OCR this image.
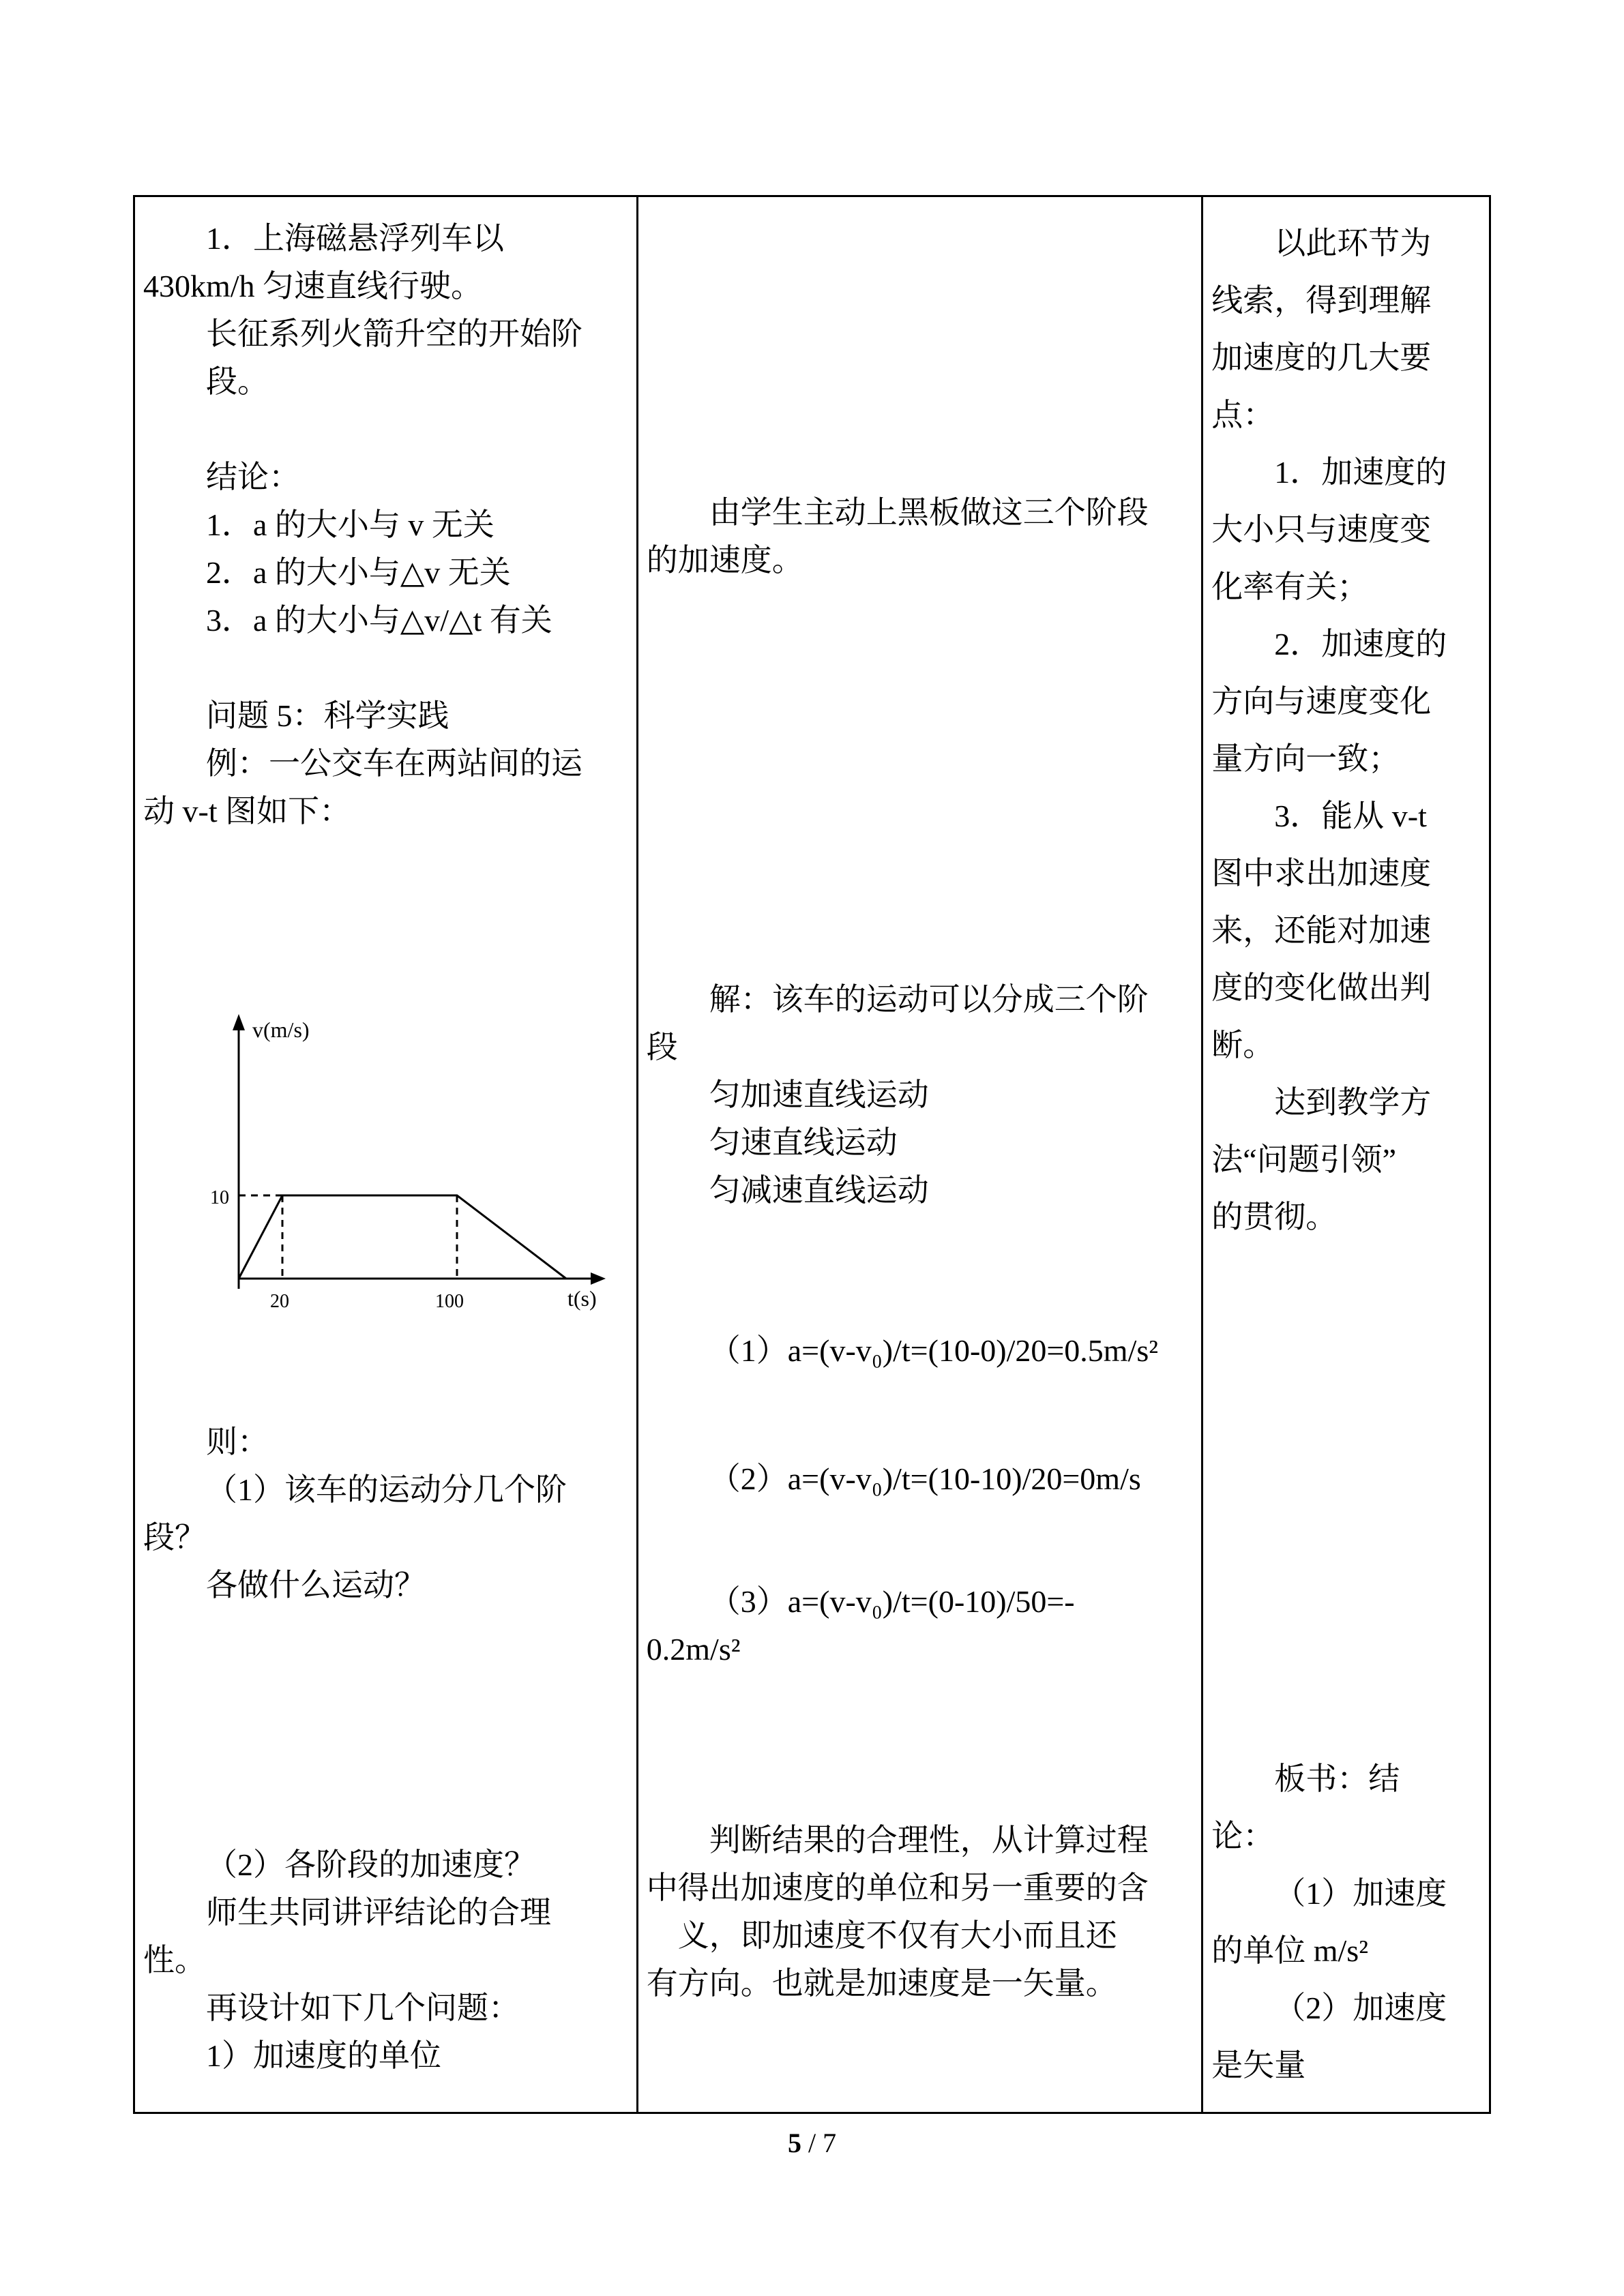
1．上海磁悬浮列车以
430km/h 匀速直线行驶。
长征系列火箭升空的开始阶
段。
结论：
1．a 的大小与 v 无关
2．a 的大小与△v 无关
3．a 的大小与△v/△t 有关
问题 5：科学实践
例：一公交车在两站间的运
动 v-t 图如下：
v(m/s)
t(s)
10
20	100
则：
（1）该车的运动分几个阶
段？
各做什么运动？
（2）各阶段的加速度？
师生共同讲评结论的合理
性。
再设计如下几个问题：
1）加速度的单位
由学生主动上黑板做这三个阶段
的加速度。
解：该车的运动可以分成三个阶
段
匀加速直线运动
匀速直线运动
匀减速直线运动
（1）a=(v-v₀)/t=(10-0)/20=0.5m/s²
（2）a=(v-v₀)/t=(10-10)/20=0m/s
（3）a=(v-v₀)/t=(0-10)/50=-
0.2m/s²
判断结果的合理性，从计算过程
中得出加速度的单位和另一重要的含
义，即加速度不仅有大小而且还
有方向。也就是加速度是一矢量。
以此环节为
线索，得到理解
加速度的几大要
点：
1．加速度的
大小只与速度变
化率有关；
2．加速度的
方向与速度变化
量方向一致；
3．能从 v-t
图中求出加速度
来，还能对加速
度的变化做出判
断。
达到教学方
法“问题引领”
的贯彻。
板书：结
论：
（1）加速度
的单位 m/s²
（2）加速度
是矢量
5 / 7
